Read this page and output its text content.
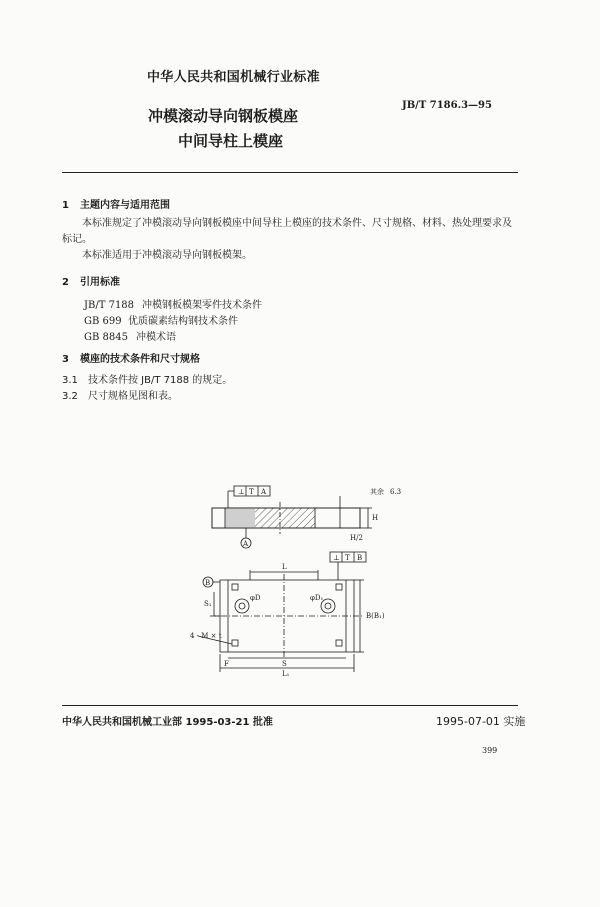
中华人民共和国机械行业标准
JB/T 7186.3—95
冲模滚动导向钢板模座
中间导柱上模座
1 主题内容与适用范围
本标准规定了冲模滚动导向钢板模座中间导柱上模座的技术条件、尺寸规格、材料、热处理要求及标记。
本标准适用于冲模滚动导向钢板模架。
2 引用标准
JB/T 7188 冲模钢板模架零件技术条件
GB 699 优质碳素结构钢技术条件
GB 8845 冲模术语
3 模座的技术条件和尺寸规格
3.1 技术条件按 JB/T 7188 的规定。
3.2 尺寸规格见图和表。
⊥ T A
A
其余 6.3
H
H/2
⊥ T B
B
L
S
L₁
F
φD	φD₁
B(B₁)
S₁
4 - M × t
中华人民共和国机械工业部 1995-03-21 批准	1995-07-01 实施
399
